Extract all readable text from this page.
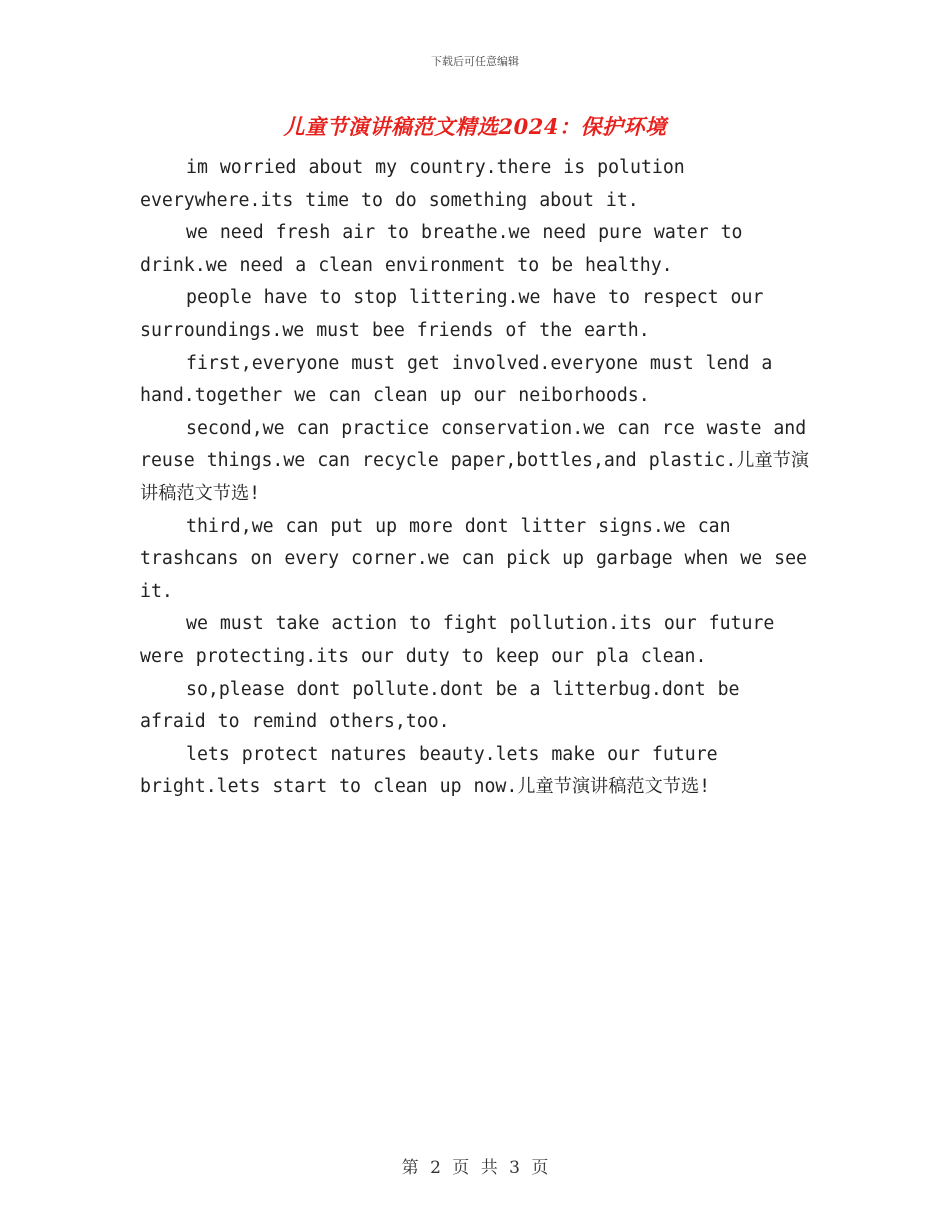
下载后可任意编辑
儿童节演讲稿范文精选2024：保护环境

im worried about my country.there is polution everywhere.its time to do something about it.

we need fresh air to breathe.we need pure water to drink.we need a clean environment to be healthy.

people have to stop littering.we have to respect our surroundings.we must bee friends of the earth.

first,everyone must get involved.everyone must lend a hand.together we can clean up our neiborhoods.

second,we can practice conservation.we can rce waste and reuse things.we can recycle paper,bottles,and plastic.儿童节演讲稿范文节选!

third,we can put up more dont litter signs.we can trashcans on every corner.we can pick up garbage when we see it.

we must take action to fight pollution.its our future were protecting.its our duty to keep our pla clean.

so,please dont pollute.dont be a litterbug.dont be afraid to remind others,too.

lets protect natures beauty.lets make our future bright.lets start to clean up now.儿童节演讲稿范文节选!

第 2 页 共 3 页
